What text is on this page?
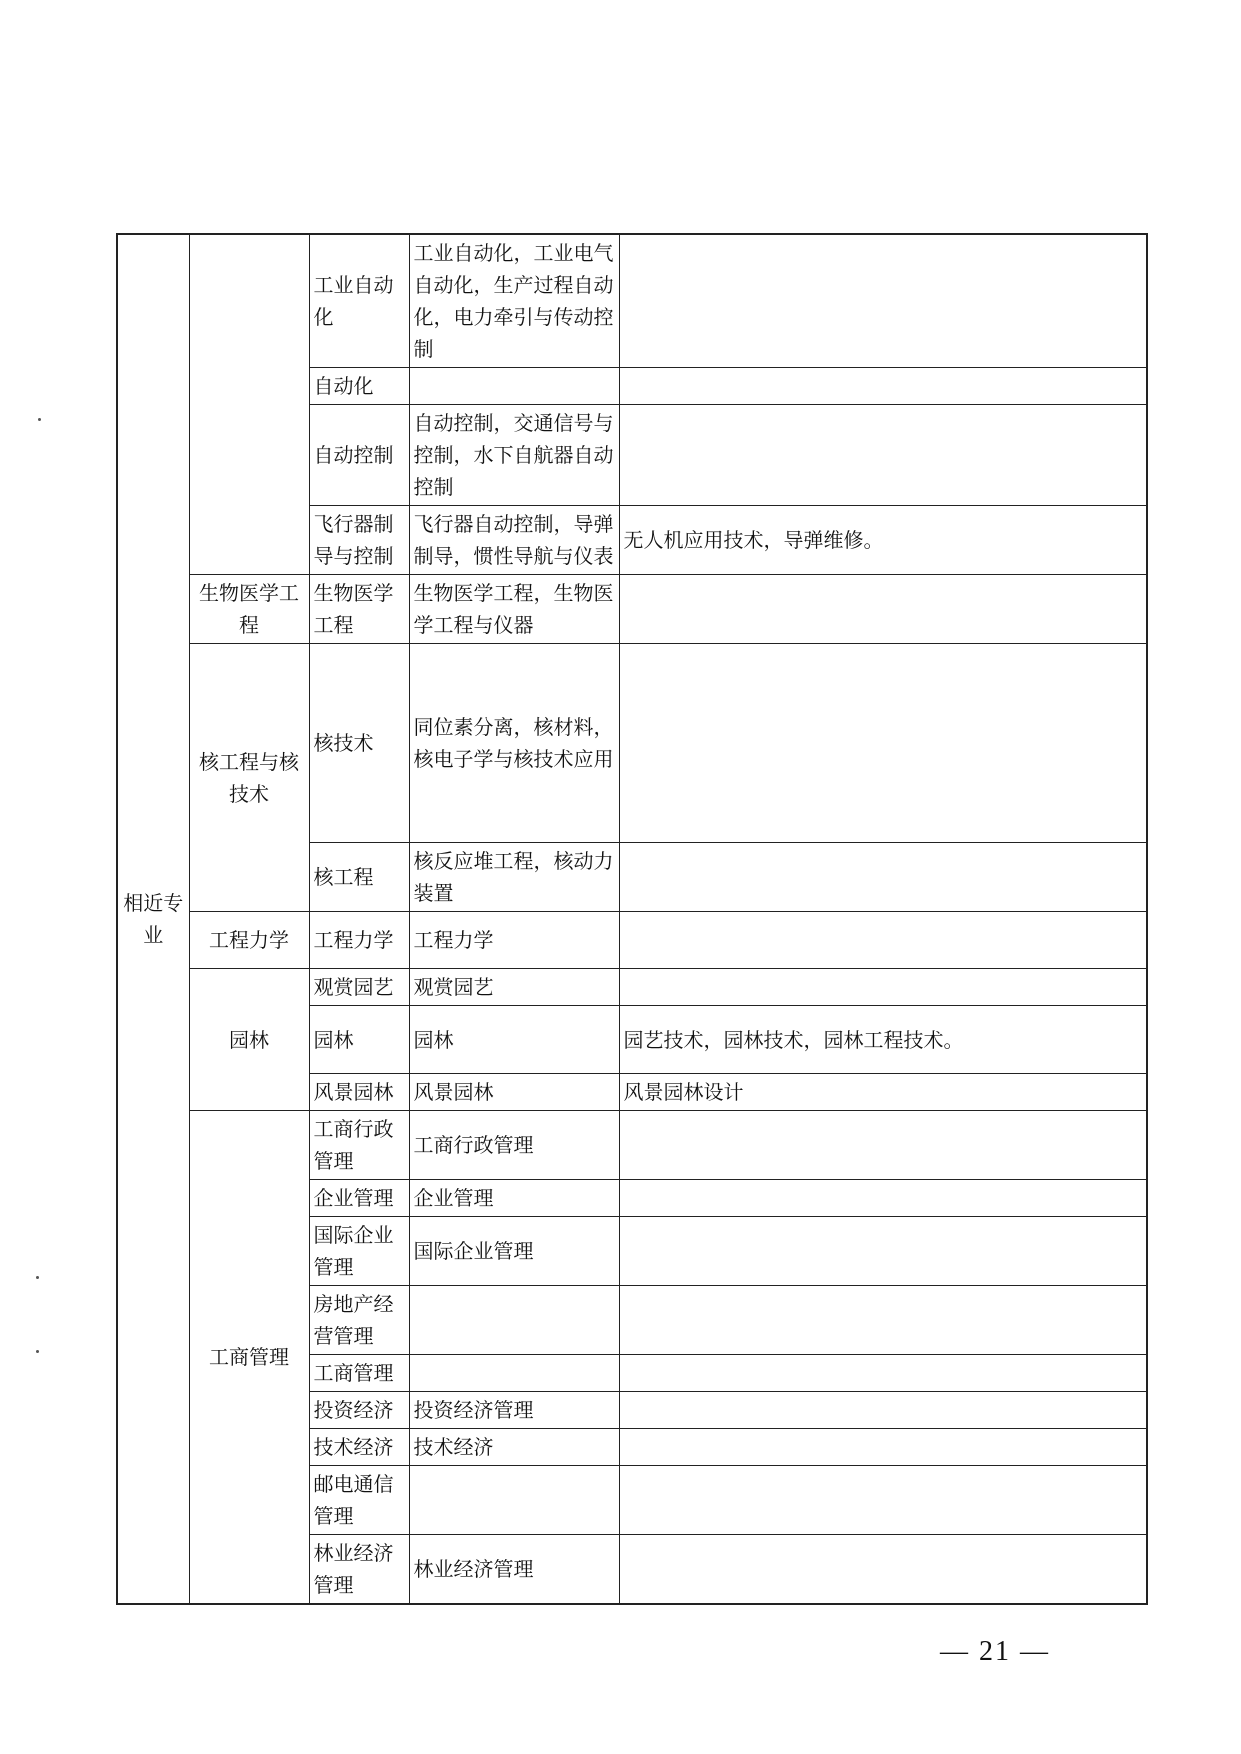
相近专业		工业自动化	工业自动化，工业电气自动化，生产过程自动化，电力牵引与传动控制	
		自动化		
		自动控制	自动控制，交通信号与控制，水下自航器自动控制	
		飞行器制导与控制	飞行器自动控制，导弹制导，惯性导航与仪表	无人机应用技术，导弹维修。
	生物医学工程	生物医学工程	生物医学工程，生物医学工程与仪器	
	核工程与核技术	核技术	同位素分离，核材料，核电子学与核技术应用	
		核工程	核反应堆工程，核动力装置	
	工程力学	工程力学	工程力学	
	园林	观赏园艺	观赏园艺	
		园林	园林	园艺技术，园林技术，园林工程技术。
		风景园林	风景园林	风景园林设计
	工商管理	工商行政管理	工商行政管理	
		企业管理	企业管理	
		国际企业管理	国际企业管理	
		房地产经营管理		
		工商管理		
		投资经济	投资经济管理	
		技术经济	技术经济	
		邮电通信管理		
		林业经济管理	林业经济管理	
— 21 —
